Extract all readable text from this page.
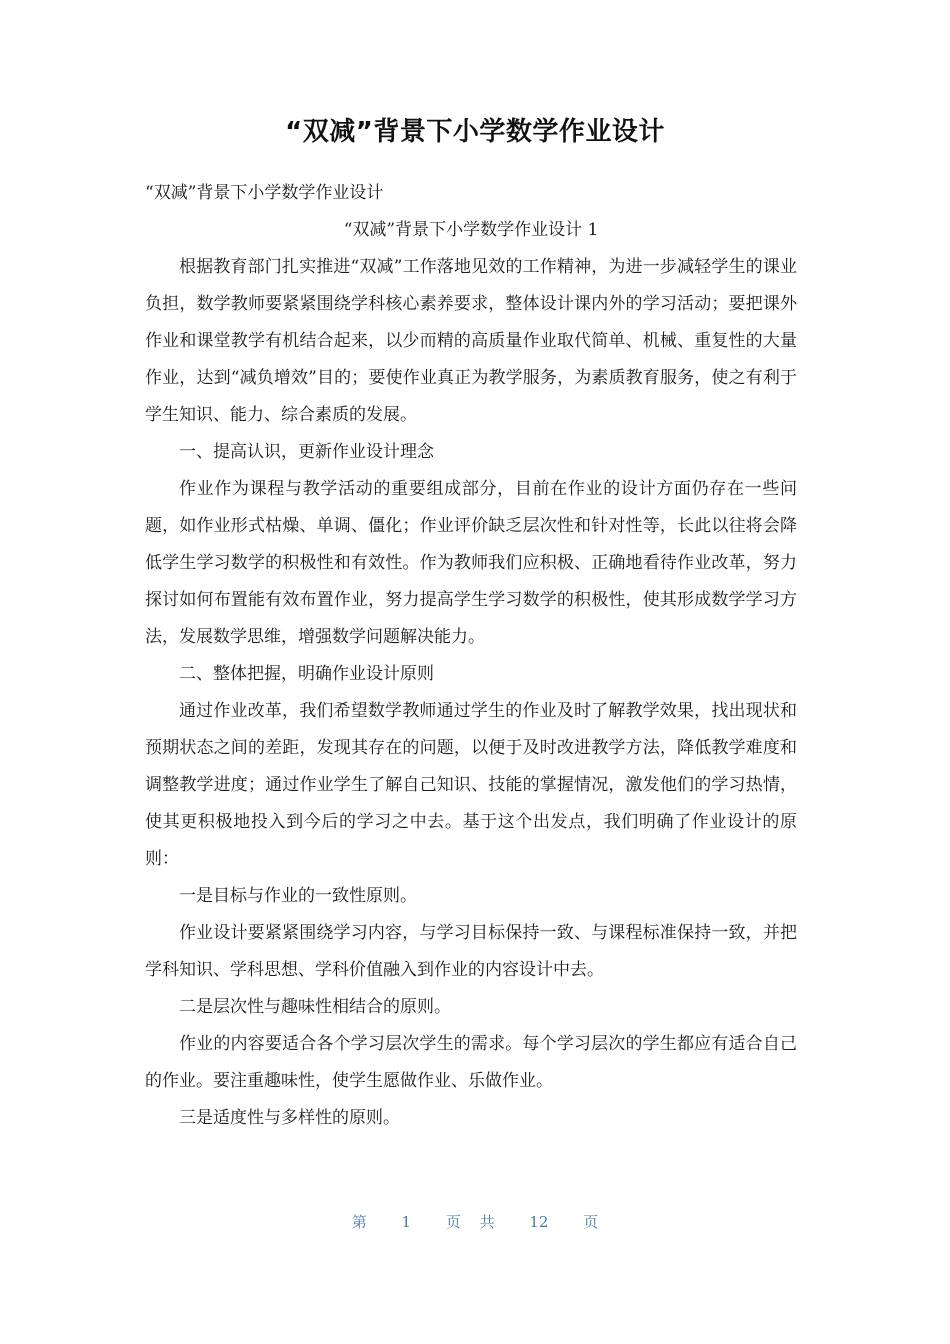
“双减”背景下小学数学作业设计

“双减”背景下小学数学作业设计

“双减”背景下小学数学作业设计 1

根据教育部门扎实推进“双减”工作落地见效的工作精神，为进一步减轻学生的课业负担，数学教师要紧紧围绕学科核心素养要求，整体设计课内外的学习活动；要把课外作业和课堂教学有机结合起来，以少而精的高质量作业取代简单、机械、重复性的大量作业，达到“减负增效”目的；要使作业真正为教学服务，为素质教育服务，使之有利于学生知识、能力、综合素质的发展。

一、提高认识，更新作业设计理念

作业作为课程与教学活动的重要组成部分，目前在作业的设计方面仍存在一些问题，如作业形式枯燥、单调、僵化；作业评价缺乏层次性和针对性等，长此以往将会降低学生学习数学的积极性和有效性。作为教师我们应积极、正确地看待作业改革，努力探讨如何布置能有效布置作业，努力提高学生学习数学的积极性，使其形成数学学习方法，发展数学思维，增强数学问题解决能力。

二、整体把握，明确作业设计原则

通过作业改革，我们希望数学教师通过学生的作业及时了解教学效果，找出现状和预期状态之间的差距，发现其存在的问题，以便于及时改进教学方法，降低教学难度和调整教学进度；通过作业学生了解自己知识、技能的掌握情况，激发他们的学习热情，使其更积极地投入到今后的学习之中去。基于这个出发点，我们明确了作业设计的原则：

一是目标与作业的一致性原则。

作业设计要紧紧围绕学习内容，与学习目标保持一致、与课程标准保持一致，并把学科知识、学科思想、学科价值融入到作业的内容设计中去。

二是层次性与趣味性相结合的原则。

作业的内容要适合各个学习层次学生的需求。每个学习层次的学生都应有适合自己的作业。要注重趣味性，使学生愿做作业、乐做作业。

三是适度性与多样性的原则。

第 1 页 共 12 页
